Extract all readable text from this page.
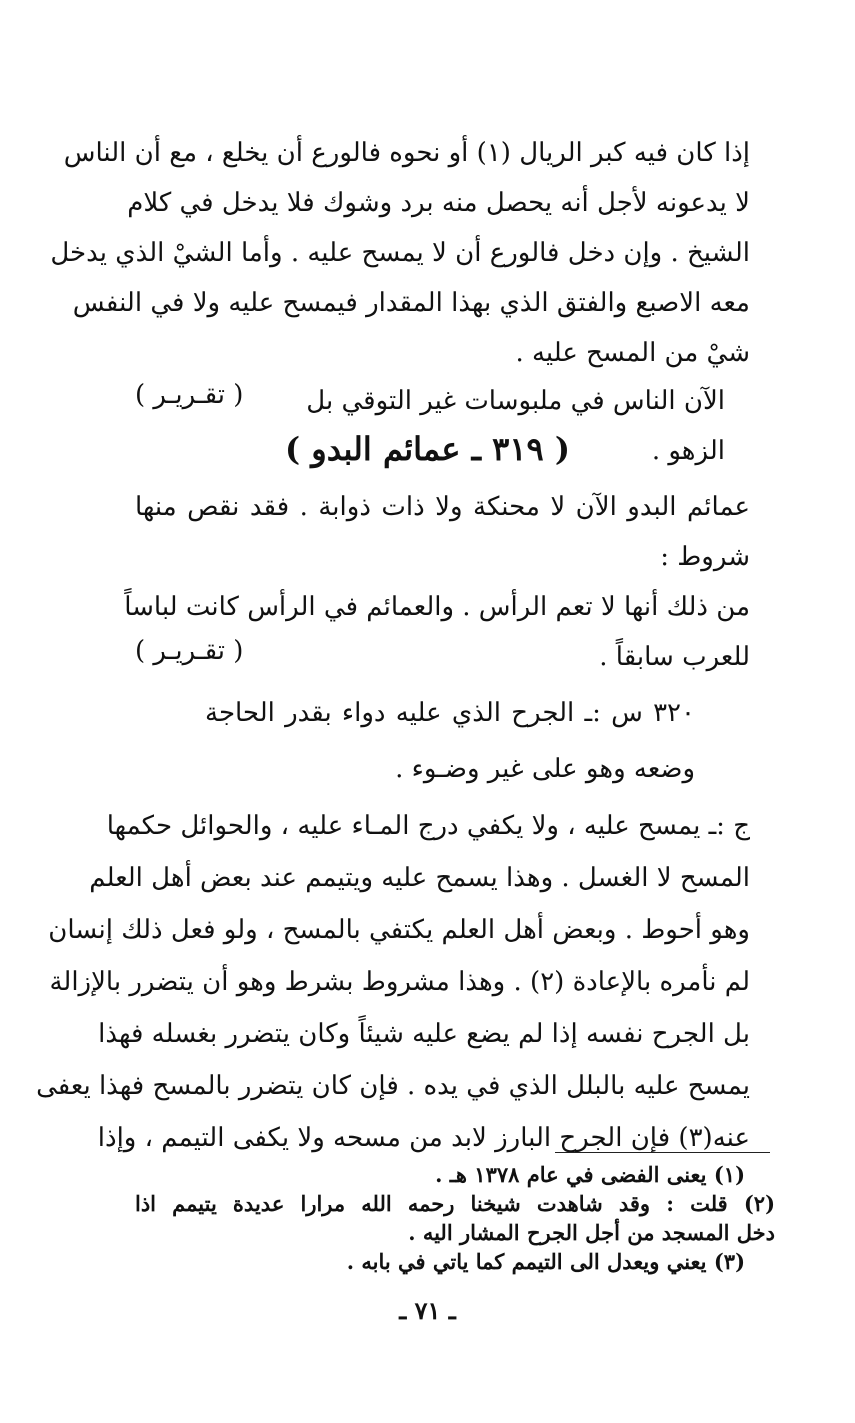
إذا كان فيه كبر الريال (١) أو نحوه فالورع أن يخلع ، مع أن الناس
لا يدعونه لأجل أنه يحصل منه برد وشوك فلا يدخل في كلام
الشيخ . وإن دخل فالورع أن لا يمسح عليه . وأما الشيْ الذي يدخل
معه الاصبع والفتق الذي بهذا المقدار فيمسح عليه ولا في النفس
شيْ من المسح عليه .
الآن الناس في ملبوسات غير التوقي بل الزهو .
( تقـريـر )
( ٣١٩ ـ عمائم البدو )
عمائم البدو الآن لا محنكة ولا ذات ذوابة . فقد نقص منها
شروط :
من ذلك أنها لا تعم الرأس . والعمائم في الرأس كانت لباساً
للعرب سابقاً .
( تقـريـر )
٣٢٠ س :ـ الجرح الذي عليه دواء بقدر الحاجة
وضعه وهو على غير وضـوء .
ج :ـ يمسح عليه ، ولا يكفي درج المـاء عليه ، والحوائل حكمها
المسح لا الغسل . وهذا يسمح عليه ويتيمم عند بعض أهل العلم
وهو أحوط . وبعض أهل العلم يكتفي بالمسح ، ولو فعل ذلك إنسان
لم نأمره بالإعادة (٢) . وهذا مشروط بشرط وهو أن يتضرر بالإزالة
بل الجرح نفسه إذا لم يضع عليه شيئاً وكان يتضرر بغسله فهذا
يمسح عليه بالبلل الذي في يده . فإن كان يتضرر بالمسح فهذا يعفى
عنه(٣) فإن الجرح البارز لابد من مسحه ولا يكفى التيمم ، وإذا
(١) يعنى الفضى في عام ١٣٧٨ هـ .
(٢) قلت : وقد شاهدت شيخنا رحمه الله مرارا عديدة يتيمم اذا
دخل المسجد من أجل الجرح المشار اليه .
(٣) يعني ويعدل الى التيمم كما ياتي في بابه .
ـ ٧١ ـ
